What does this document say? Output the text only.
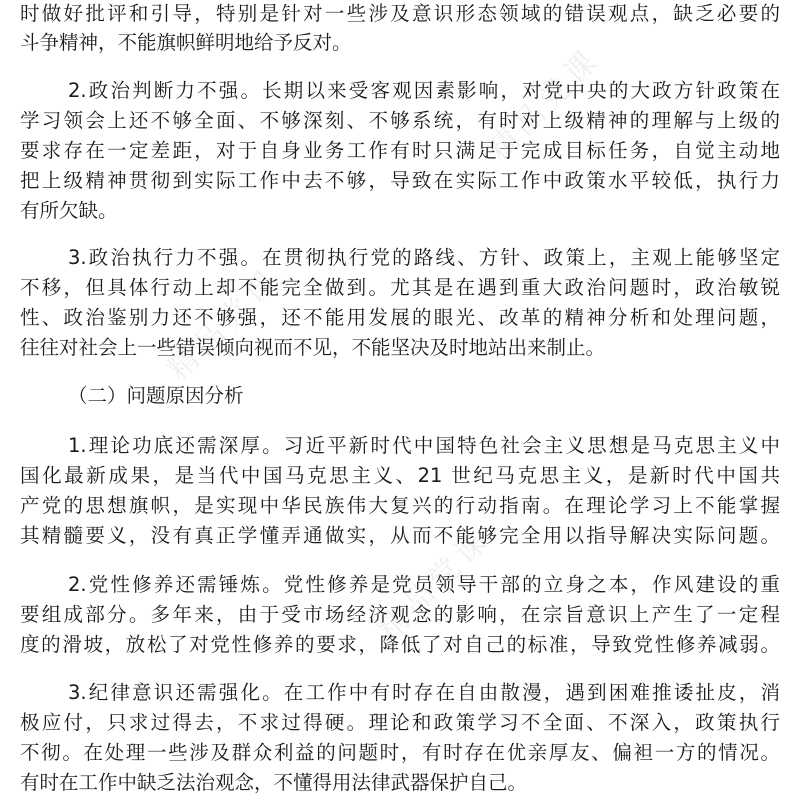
精品党课
精品党课
精品党课
时做好批评和引导，特别是针对一些涉及意识形态领域的错误观点，缺乏必要的
斗争精神，不能旗帜鲜明地给予反对。
2.政治判断力不强。长期以来受客观因素影响，对党中央的大政方针政策在
学习领会上还不够全面、不够深刻、不够系统，有时对上级精神的理解与上级的
要求存在一定差距，对于自身业务工作有时只满足于完成目标任务，自觉主动地
把上级精神贯彻到实际工作中去不够，导致在实际工作中政策水平较低，执行力
有所欠缺。
3.政治执行力不强。在贯彻执行党的路线、方针、政策上，主观上能够坚定
不移，但具体行动上却不能完全做到。尤其是在遇到重大政治问题时，政治敏锐
性、政治鉴别力还不够强，还不能用发展的眼光、改革的精神分析和处理问题，
往往对社会上一些错误倾向视而不见，不能坚决及时地站出来制止。
（二）问题原因分析
1.理论功底还需深厚。习近平新时代中国特色社会主义思想是马克思主义中
国化最新成果，是当代中国马克思主义、21 世纪马克思主义，是新时代中国共
产党的思想旗帜，是实现中华民族伟大复兴的行动指南。在理论学习上不能掌握
其精髓要义，没有真正学懂弄通做实，从而不能够完全用以指导解决实际问题。
2.党性修养还需锤炼。党性修养是党员领导干部的立身之本，作风建设的重
要组成部分。多年来，由于受市场经济观念的影响，在宗旨意识上产生了一定程
度的滑坡，放松了对党性修养的要求，降低了对自己的标准，导致党性修养减弱。
3.纪律意识还需强化。在工作中有时存在自由散漫，遇到困难推诿扯皮，消
极应付，只求过得去，不求过得硬。理论和政策学习不全面、不深入，政策执行
不彻。在处理一些涉及群众利益的问题时，有时存在优亲厚友、偏袒一方的情况。
有时在工作中缺乏法治观念，不懂得用法律武器保护自己。
